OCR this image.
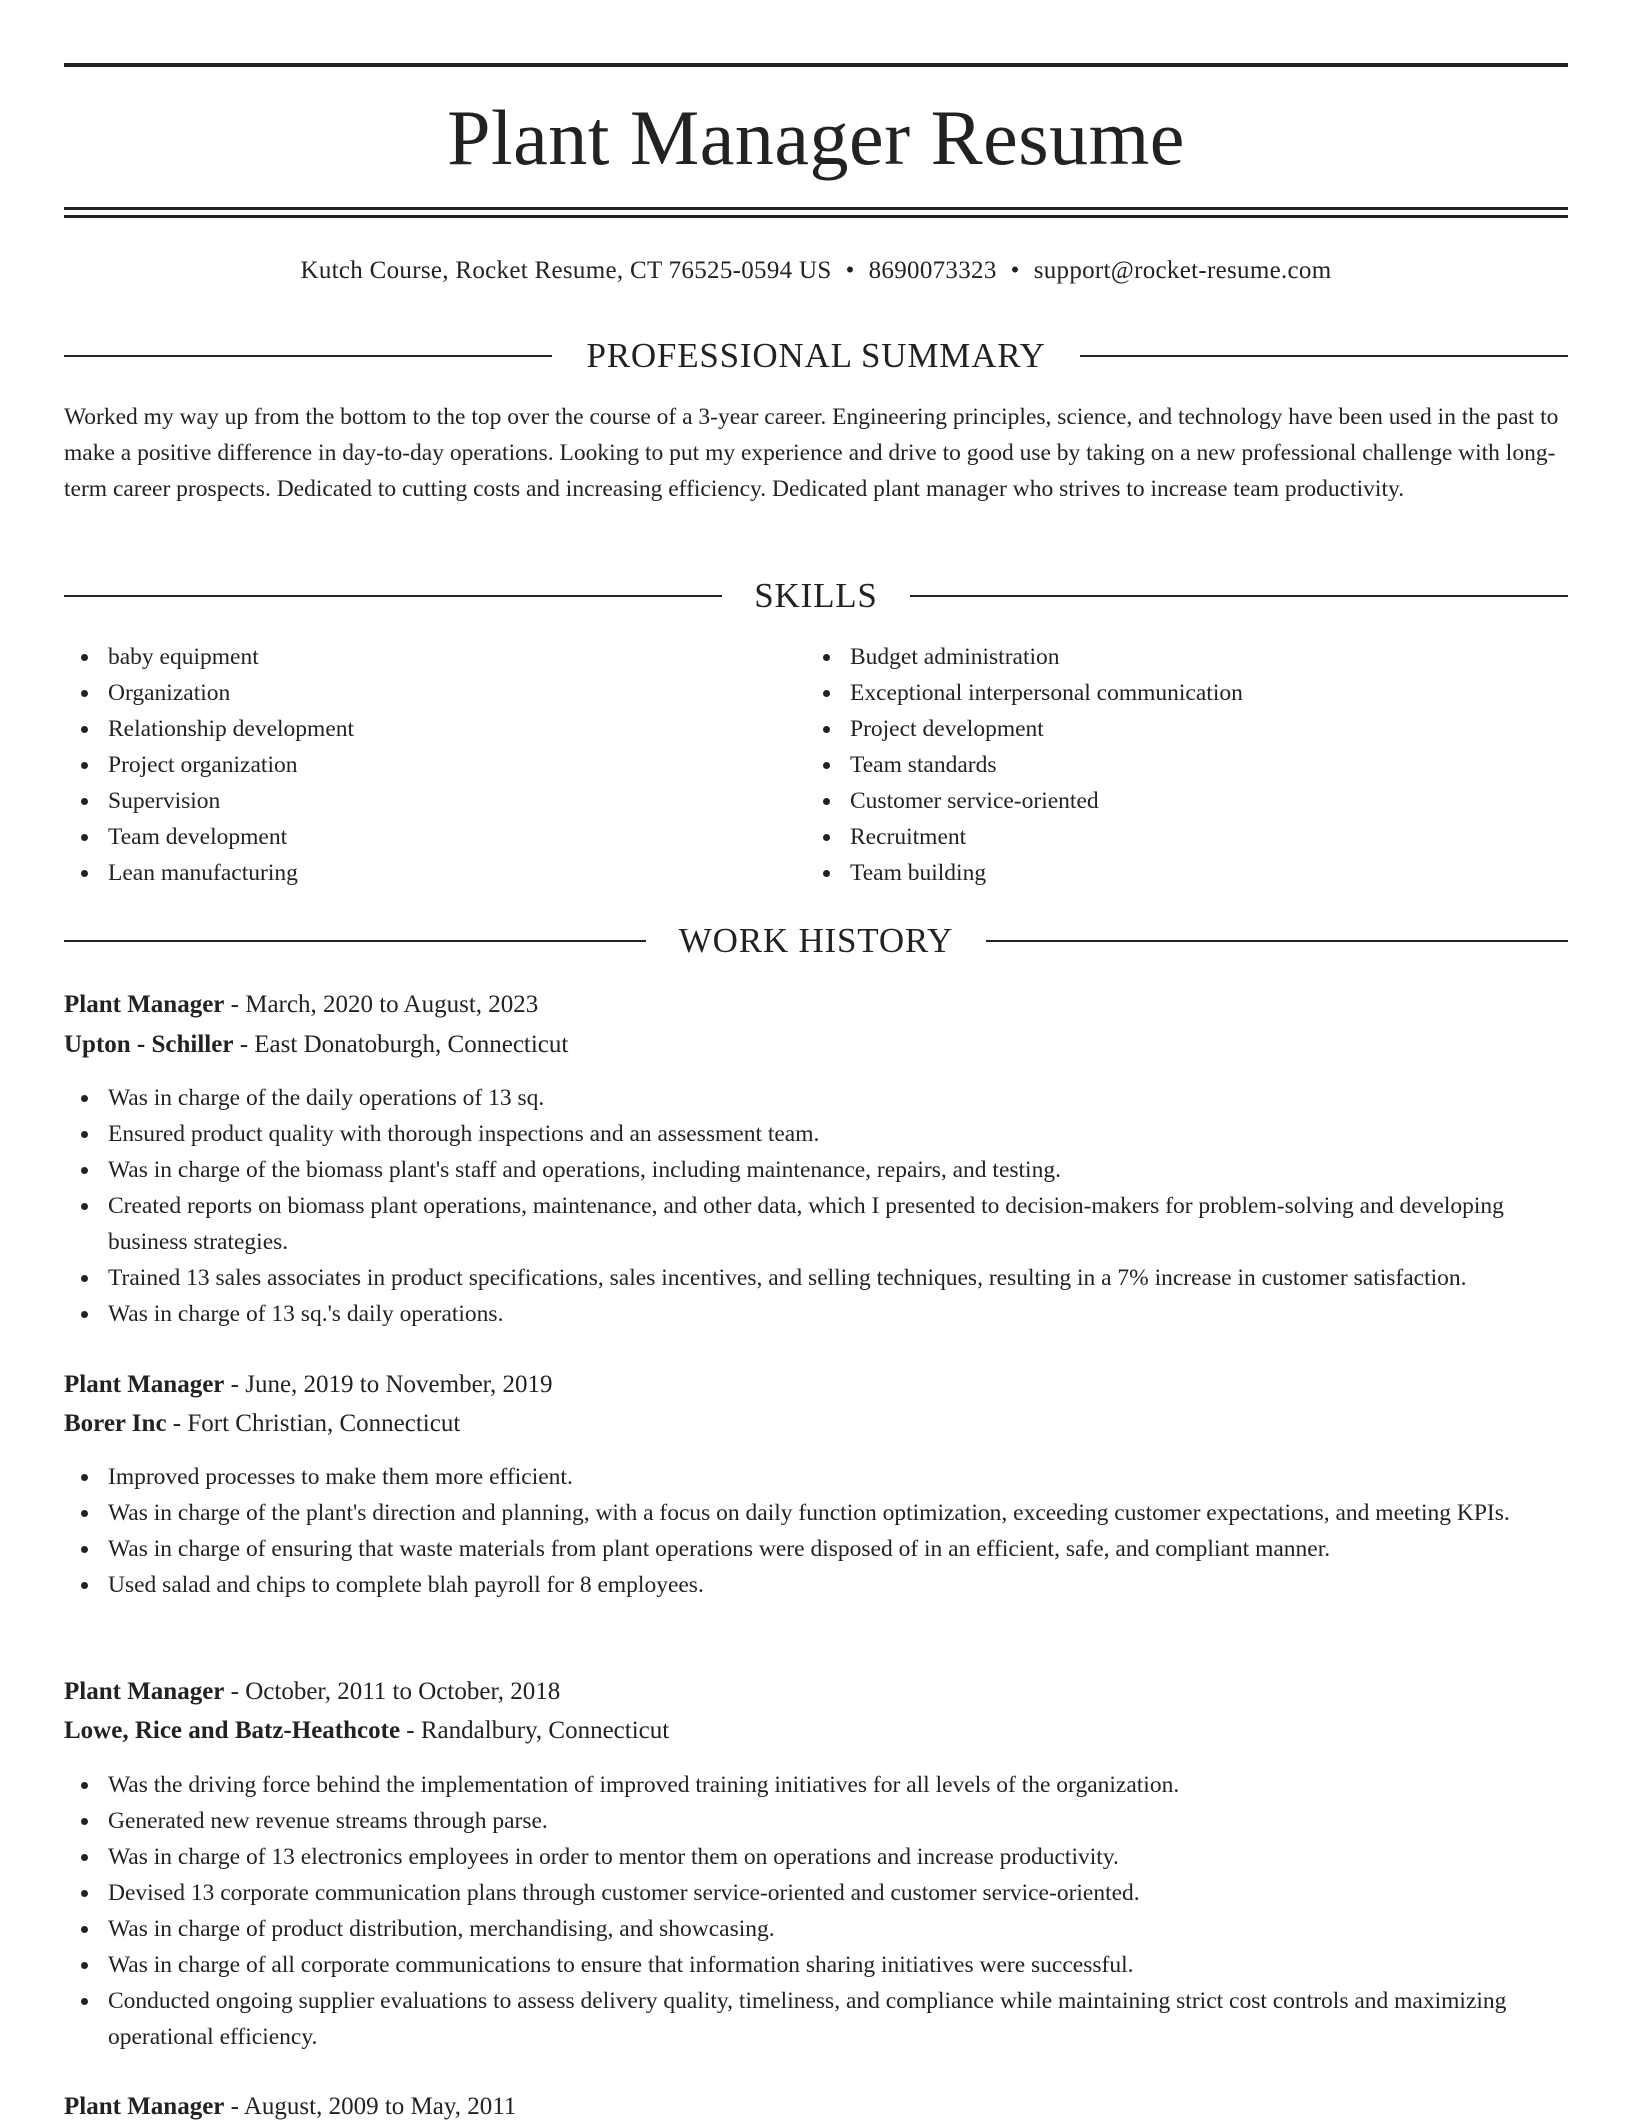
Plant Manager Resume
Kutch Course, Rocket Resume, CT 76525-0594 US • 8690073323 • support@rocket-resume.com
PROFESSIONAL SUMMARY

Worked my way up from the bottom to the top over the course of a 3-year career. Engineering principles, science, and technology have been used in the past to make a positive difference in day-to-day operations. Looking to put my experience and drive to good use by taking on a new professional challenge with long-term career prospects. Dedicated to cutting costs and increasing efficiency. Dedicated plant manager who strives to increase team productivity.

SKILLS
baby equipment
Organization
Relationship development
Project organization
Supervision
Team development
Lean manufacturing
Budget administration
Exceptional interpersonal communication
Project development
Team standards
Customer service-oriented
Recruitment
Team building
WORK HISTORY
Plant Manager - March, 2020 to August, 2023
Upton - Schiller - East Donatoburgh, Connecticut
Was in charge of the daily operations of 13 sq.
Ensured product quality with thorough inspections and an assessment team.
Was in charge of the biomass plant's staff and operations, including maintenance, repairs, and testing.
Created reports on biomass plant operations, maintenance, and other data, which I presented to decision-makers for problem-solving and developing business strategies.
Trained 13 sales associates in product specifications, sales incentives, and selling techniques, resulting in a 7% increase in customer satisfaction.
Was in charge of 13 sq.'s daily operations.
Plant Manager - June, 2019 to November, 2019
Borer Inc - Fort Christian, Connecticut
Improved processes to make them more efficient.
Was in charge of the plant's direction and planning, with a focus on daily function optimization, exceeding customer expectations, and meeting KPIs.
Was in charge of ensuring that waste materials from plant operations were disposed of in an efficient, safe, and compliant manner.
Used salad and chips to complete blah payroll for 8 employees.
Plant Manager - October, 2011 to October, 2018
Lowe, Rice and Batz-Heathcote - Randalbury, Connecticut
Was the driving force behind the implementation of improved training initiatives for all levels of the organization.
Generated new revenue streams through parse.
Was in charge of 13 electronics employees in order to mentor them on operations and increase productivity.
Devised 13 corporate communication plans through customer service-oriented and customer service-oriented.
Was in charge of product distribution, merchandising, and showcasing.
Was in charge of all corporate communications to ensure that information sharing initiatives were successful.
Conducted ongoing supplier evaluations to assess delivery quality, timeliness, and compliance while maintaining strict cost controls and maximizing operational efficiency.
Plant Manager - August, 2009 to May, 2011
